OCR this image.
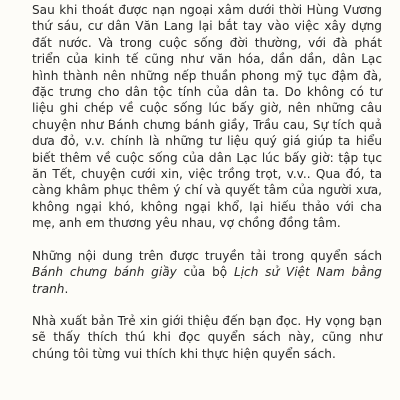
Sau khi thoát được nạn ngoại xâm dưới thời Hùng Vương thứ sáu, cư dân Văn Lang lại bắt tay vào việc xây dựng đất nước. Và trong cuộc sống đời thường, với đà phát triển của kinh tế cũng như văn hóa, dần dần, dân Lạc hình thành nên những nếp thuần phong mỹ tục đậm đà, đặc trưng cho dân tộc tính của dân ta. Do không có tư liệu ghi chép về cuộc sống lúc bấy giờ, nên những câu chuyện như Bánh chưng bánh giầy, Trầu cau, Sự tích quả dưa đỏ, v.v. chính là những tư liệu quý giá giúp ta hiểu biết thêm về cuộc sống của dân Lạc lúc bấy giờ: tập tục ăn Tết, chuyện cưới xin, việc trồng trọt, v.v.. Qua đó, ta càng khâm phục thêm ý chí và quyết tâm của người xưa, không ngại khó, không ngại khổ, lại hiếu thảo với cha mẹ, anh em thương yêu nhau, vợ chồng đồng tâm.

Những nội dung trên được truyền tải trong quyển sách Bánh chưng bánh giầy của bộ Lịch sử Việt Nam bằng tranh.

Nhà xuất bản Trẻ xin giới thiệu đến bạn đọc. Hy vọng bạn sẽ thấy thích thú khi đọc quyển sách này, cũng như chúng tôi từng vui thích khi thực hiện quyển sách.
